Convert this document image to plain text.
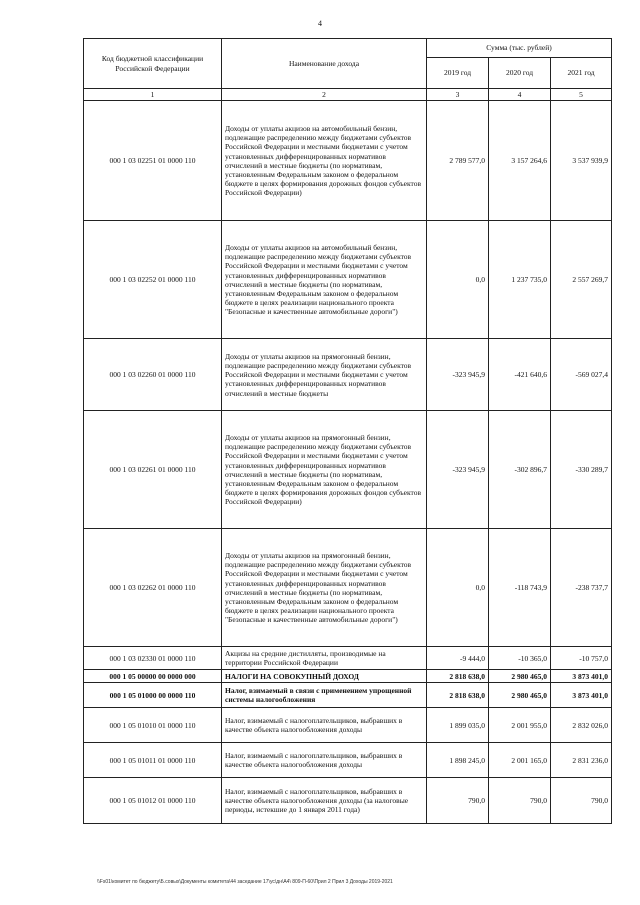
4
Код бюджетной классификации Российской Федерации	Наименование дохода	Сумма (тыс. рублей)		
		2019 год	2020 год	2021 год
1	2	3	4	5
000 1 03 02251 01 0000 110	Доходы от уплаты акцизов на автомобильный бензин, подлежащие распределению между бюджетами субъектов Российской Федерации и местными бюджетами с учетом установленных дифференцированных нормативов отчислений в местные бюджеты (по нормативам, установленным Федеральным законом о федеральном бюджете в целях формирования дорожных фондов субъектов Российской Федерации)	2 789 577,0	3 157 264,6	3 537 939,9
000 1 03 02252 01 0000 110	Доходы от уплаты акцизов на автомобильный бензин, подлежащие распределению между бюджетами субъектов Российской Федерации и местными бюджетами с учетом установленных дифференцированных нормативов отчислений в местные бюджеты (по нормативам, установленным Федеральным законом о федеральном бюджете в целях реализации национального проекта "Безопасные и качественные автомобильные дороги")	0,0	1 237 735,0	2 557 269,7
000 1 03 02260 01 0000 110	Доходы от уплаты акцизов на прямогонный бензин, подлежащие распределению между бюджетами субъектов Российской Федерации и местными бюджетами с учетом установленных дифференцированных нормативов отчислений в местные бюджеты	-323 945,9	-421 640,6	-569 027,4
000 1 03 02261 01 0000 110	Доходы от уплаты акцизов на прямогонный бензин, подлежащие распределению между бюджетами субъектов Российской Федерации и местными бюджетами с учетом установленных дифференцированных нормативов отчислений в местные бюджеты (по нормативам, установленным Федеральным законом о федеральном бюджете в целях формирования дорожных фондов субъектов Российской Федерации)	-323 945,9	-302 896,7	-330 289,7
000 1 03 02262 01 0000 110	Доходы от уплаты акцизов на прямогонный бензин, подлежащие распределению между бюджетами субъектов Российской Федерации и местными бюджетами с учетом установленных дифференцированных нормативов отчислений в местные бюджеты (по нормативам, установленным Федеральным законом о федеральном бюджете в целях реализации национального проекта "Безопасные и качественные автомобильные дороги")	0,0	-118 743,9	-238 737,7
000 1 03 02330 01 0000 110	Акцизы на средние дистилляты, производимые на территории Российской Федерации	-9 444,0	-10 365,0	-10 757,0
000 1 05 00000 00 0000 000	НАЛОГИ НА СОВОКУПНЫЙ ДОХОД	2 818 638,0	2 980 465,0	3 873 401,0
000 1 05 01000 00 0000 110	Налог, взимаемый в связи с применением упрощенной системы налогообложения	2 818 638,0	2 980 465,0	3 873 401,0
000 1 05 01010 01 0000 110	Налог, взимаемый с налогоплательщиков, выбравших в качестве объекта налогообложения доходы	1 899 035,0	2 001 955,0	2 832 026,0
000 1 05 01011 01 0000 110	Налог, взимаемый с налогоплательщиков, выбравших в качестве объекта налогообложения доходы	1 898 245,0	2 001 165,0	2 831 236,0
000 1 05 01012 01 0000 110	Налог, взимаемый с налогоплательщиков, выбравших в качестве объекта налогообложения доходы (за налоговые периоды, истекшие до 1 января 2011 года)	790,0	790,0	790,0
\\Fs01\комитет по бюджету\Б.совых\Документы комитета\44 заседание 17\ус\дн\А4\ 809-П-60\Прил 2 Прил 3 Доходы 2019-2021
